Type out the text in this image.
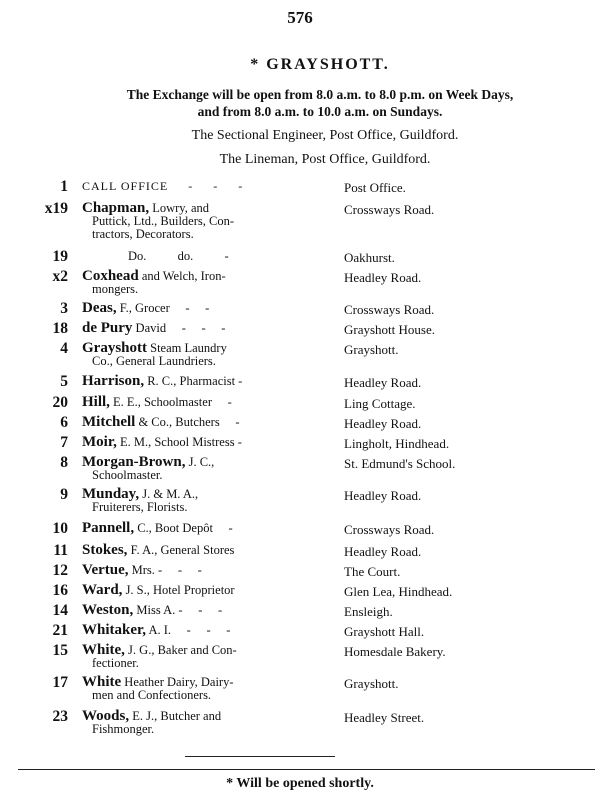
576
* GRAYSHOTT.
The Exchange will be open from 8.0 a.m. to 8.0 p.m. on Week Days,
and from 8.0 a.m. to 10.0 a.m. on Sundays.
The Sectional Engineer, Post Office, Guildford.
The Lineman, Post Office, Guildford.
1 CALL OFFICE     -     -     -	Post Office.
x19 Chapman, Lowry, and
Puttick, Ltd., Builders, Con-
tractors, Decorators.
Crossways Road.
19	Do.          do.          -	Oakhurst.
x2 Coxhead and Welch, Iron-
mongers.
Headley Road.
3 Deas, F., Grocer     -     -	Crossways Road.
18 de Pury David     -     -     -	Grayshott House.
4 Grayshott Steam Laundry
Co., General Laundriers.
Grayshott.
5 Harrison, R. C., Pharmacist -	Headley Road.
20 Hill, E. E., Schoolmaster     -	Ling Cottage.
6 Mitchell & Co., Butchers     -	Headley Road.
7 Moir, E. M., School Mistress -	Lingholt, Hindhead.
8 Morgan-Brown, J. C.,
Schoolmaster.
St. Edmund's School.
9 Munday, J. & M. A.,
Fruiterers, Florists.
Headley Road.
10 Pannell, C., Boot Depôt     -	Crossways Road.
11 Stokes, F. A., General Stores	Headley Road.
12 Vertue, Mrs. -     -     -	The Court.
16 Ward, J. S., Hotel Proprietor	Glen Lea, Hindhead.
14 Weston, Miss A. -     -     -	Ensleigh.
21 Whitaker, A. I.     -     -     -	Grayshott Hall.
15 White, J. G., Baker and Con-
fectioner.
Homesdale Bakery.
17 White Heather Dairy, Dairy-
men and Confectioners.
Grayshott.
23 Woods, E. J., Butcher and
Fishmonger.
Headley Street.
* Will be opened shortly.
